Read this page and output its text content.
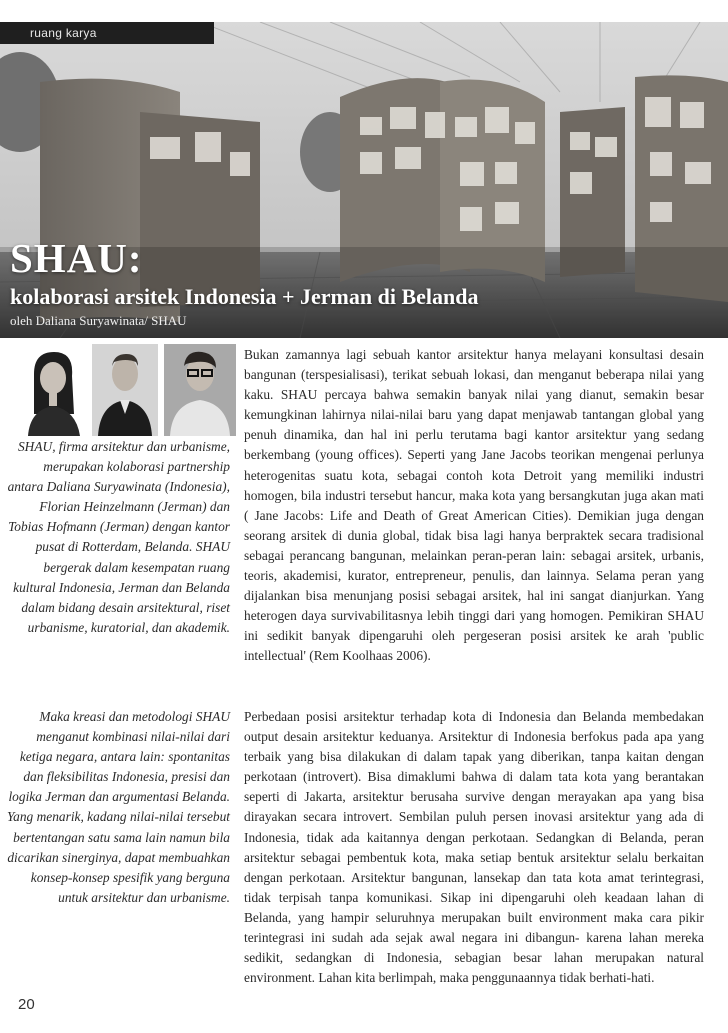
ruang karya
SHAU:
kolaborasi arsitek Indonesia + Jerman di Belanda
oleh Daliana Suryawinata/ SHAU

SHAU, firma arsitektur dan urbanisme, merupakan kolaborasi partnership antara Daliana Suryawinata (Indonesia), Florian Heinzelmann (Jerman) dan Tobias Hofmann (Jerman) dengan kantor pusat di Rotterdam, Belanda. SHAU bergerak dalam kesempatan ruang kultural Indonesia, Jerman dan Belanda dalam bidang desain arsitektural, riset urbanisme, kuratorial, dan akademik.

Maka kreasi dan metodologi SHAU menganut kombinasi nilai-nilai dari ketiga negara, antara lain: spontanitas dan fleksibilitas Indonesia, presisi dan logika Jerman dan argumentasi Belanda. Yang menarik, kadang nilai-nilai tersebut bertentangan satu sama lain namun bila dicarikan sinerginya, dapat membuahkan konsep-konsep spesifik yang berguna untuk arsitektur dan urbanisme.

Bukan zamannya lagi sebuah kantor arsitektur hanya melayani konsultasi desain bangunan (terspesialisasi), terikat sebuah lokasi, dan menganut beberapa nilai yang kaku. SHAU percaya bahwa semakin banyak nilai yang dianut, semakin besar kemungkinan lahirnya nilai-nilai baru yang dapat menjawab tantangan global yang penuh dinamika, dan hal ini perlu terutama bagi kantor arsitektur yang sedang berkembang (young offices). Seperti yang Jane Jacobs teorikan mengenai perlunya heterogenitas suatu kota, sebagai contoh kota Detroit yang memiliki industri homogen, bila industri tersebut hancur, maka kota yang bersangkutan juga akan mati ( Jane Jacobs: Life and Death of Great American Cities). Demikian juga dengan seorang arsitek di dunia global, tidak bisa lagi hanya berpraktek secara tradisional sebagai perancang bangunan, melainkan peran-peran lain: sebagai arsitek, urbanis, teoris, akademisi, kurator, entrepreneur, penulis, dan lainnya. Selama peran yang dijalankan bisa menunjang posisi sebagai arsitek, hal ini sangat dianjurkan. Yang heterogen daya survivabilitasnya lebih tinggi dari yang homogen. Pemikiran SHAU ini sedikit banyak dipengaruhi oleh pergeseran posisi arsitek ke arah 'public intellectual' (Rem Koolhaas 2006).

Perbedaan posisi arsitektur terhadap kota di Indonesia dan Belanda membedakan output desain arsitektur keduanya. Arsitektur di Indonesia berfokus pada apa yang terbaik yang bisa dilakukan di dalam tapak yang diberikan, tanpa kaitan dengan perkotaan (introvert). Bisa dimaklumi bahwa di dalam tata kota yang berantakan seperti di Jakarta, arsitektur berusaha survive dengan merayakan apa yang bisa dirayakan secara introvert. Sembilan puluh persen inovasi arsitektur yang ada di Indonesia, tidak ada kaitannya dengan perkotaan. Sedangkan di Belanda, peran arsitektur sebagai pembentuk kota, maka setiap bentuk arsitektur selalu berkaitan dengan perkotaan. Arsitektur bangunan, lansekap dan tata kota amat terintegrasi, tidak terpisah tanpa komunikasi. Sikap ini dipengaruhi oleh keadaan lahan di Belanda, yang hampir seluruhnya merupakan built environment maka cara pikir terintegrasi ini sudah ada sejak awal negara ini dibangun- karena lahan mereka sedikit, sedangkan di Indonesia, sebagian besar lahan merupakan natural environment. Lahan kita berlimpah, maka penggunaannya tidak berhati-hati.

20
